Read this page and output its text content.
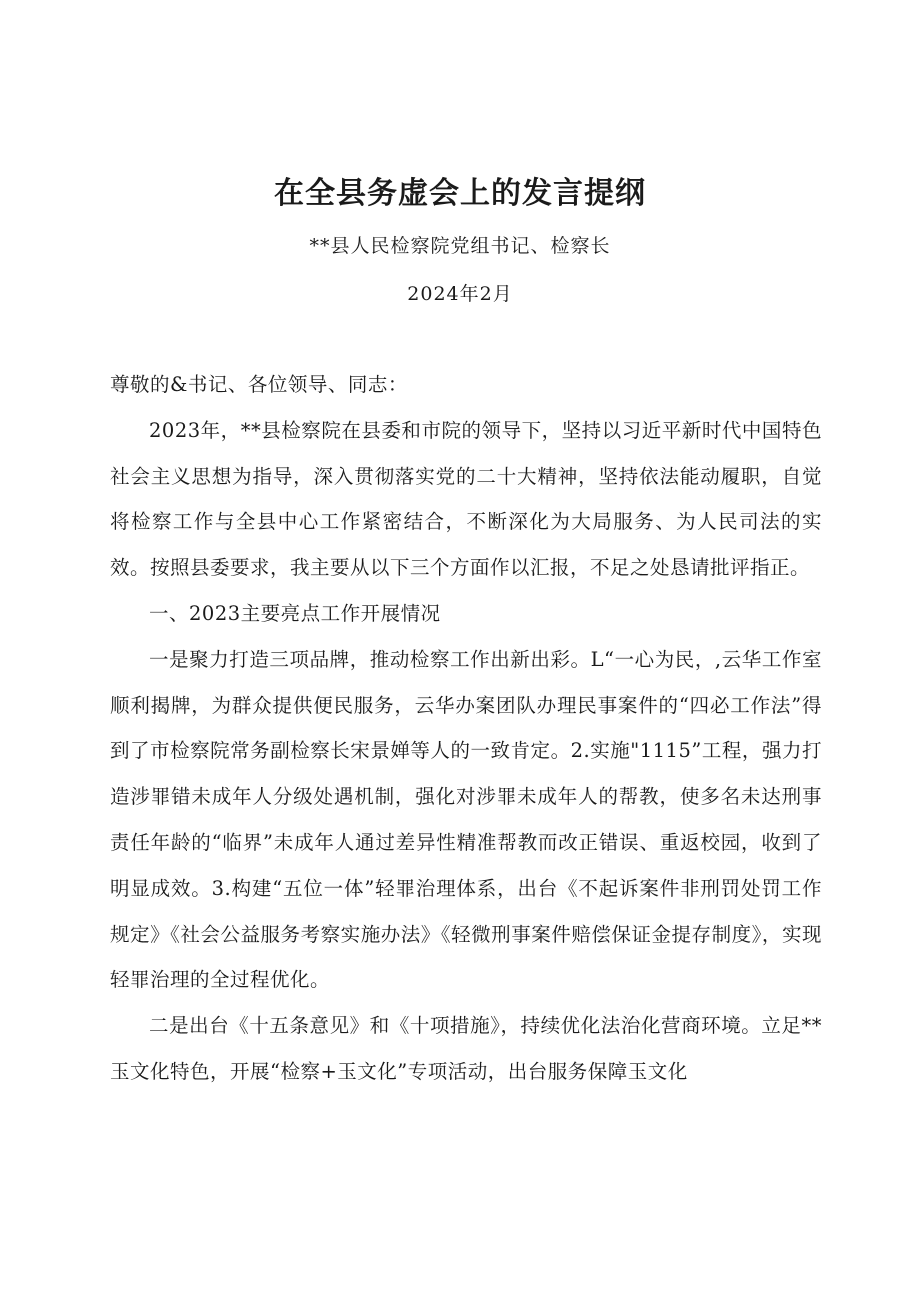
在全县务虚会上的发言提纲
**县人民检察院党组书记、检察长
2024年2月

尊敬的&书记、各位领导、同志：

2023年，**县检察院在县委和市院的领导下，坚持以习近平新时代中国特色社会主义思想为指导，深入贯彻落实党的二十大精神，坚持依法能动履职，自觉将检察工作与全县中心工作紧密结合，不断深化为大局服务、为人民司法的实效。按照县委要求，我主要从以下三个方面作以汇报，不足之处恳请批评指正。

一、2023主要亮点工作开展情况

一是聚力打造三项品牌，推动检察工作出新出彩。L“一心为民，,云华工作室顺利揭牌，为群众提供便民服务，云华办案团队办理民事案件的“四必工作法”得到了市检察院常务副检察长宋景婵等人的一致肯定。2.实施"1115”工程，强力打造涉罪错未成年人分级处遇机制，强化对涉罪未成年人的帮教，使多名未达刑事责任年龄的“临界”未成年人通过差异性精准帮教而改正错误、重返校园，收到了明显成效。3.构建“五位一体”轻罪治理体系，出台《不起诉案件非刑罚处罚工作规定》《社会公益服务考察实施办法》《轻微刑事案件赔偿保证金提存制度》，实现轻罪治理的全过程优化。

二是出台《十五条意见》和《十项措施》，持续优化法治化营商环境。立足**玉文化特色，开展“检察+玉文化”专项活动，出台服务保障玉文化
